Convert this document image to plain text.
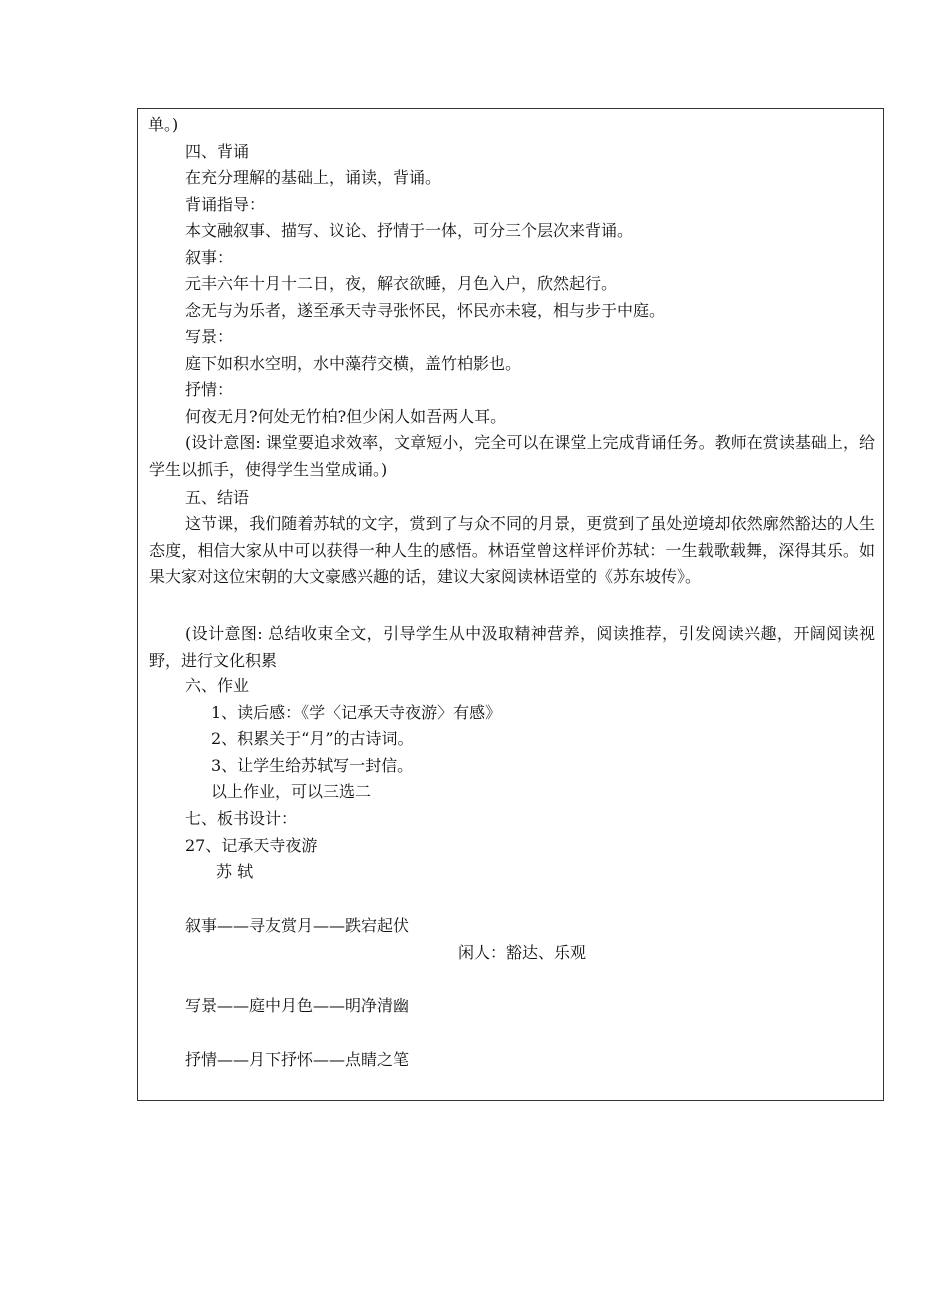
单。)
四、背诵
在充分理解的基础上，诵读，背诵。
背诵指导：
本文融叙事、描写、议论、抒情于一体，可分三个层次来背诵。
叙事：
元丰六年十月十二日，夜，解衣欲睡，月色入户，欣然起行。
念无与为乐者，遂至承天寺寻张怀民，怀民亦未寝，相与步于中庭。
写景：
庭下如积水空明，水中藻荇交横，盖竹柏影也。
抒情：
何夜无月?何处无竹柏?但少闲人如吾两人耳。
(设计意图: 课堂要追求效率，文章短小，完全可以在课堂上完成背诵任务。教师在赏读基础上，给学生以抓手，使得学生当堂成诵。)
五、结语
这节课，我们随着苏轼的文字，赏到了与众不同的月景，更赏到了虽处逆境却依然廓然豁达的人生态度，相信大家从中可以获得一种人生的感悟。林语堂曾这样评价苏轼：一生载歌载舞，深得其乐。如果大家对这位宋朝的大文豪感兴趣的话，建议大家阅读林语堂的《苏东坡传》。
(设计意图: 总结收束全文，引导学生从中汲取精神营养，阅读推荐，引发阅读兴趣，开阔阅读视野，进行文化积累
六、作业
1、读后感：《学〈记承天寺夜游〉有感》
2、积累关于“月”的古诗词。
3、让学生给苏轼写一封信。
以上作业，可以三选二
七、板书设计：
27、记承天寺夜游
苏 轼
叙事——寻友赏月——跌宕起伏
闲人：豁达、乐观
写景——庭中月色——明净清幽
抒情——月下抒怀——点睛之笔
